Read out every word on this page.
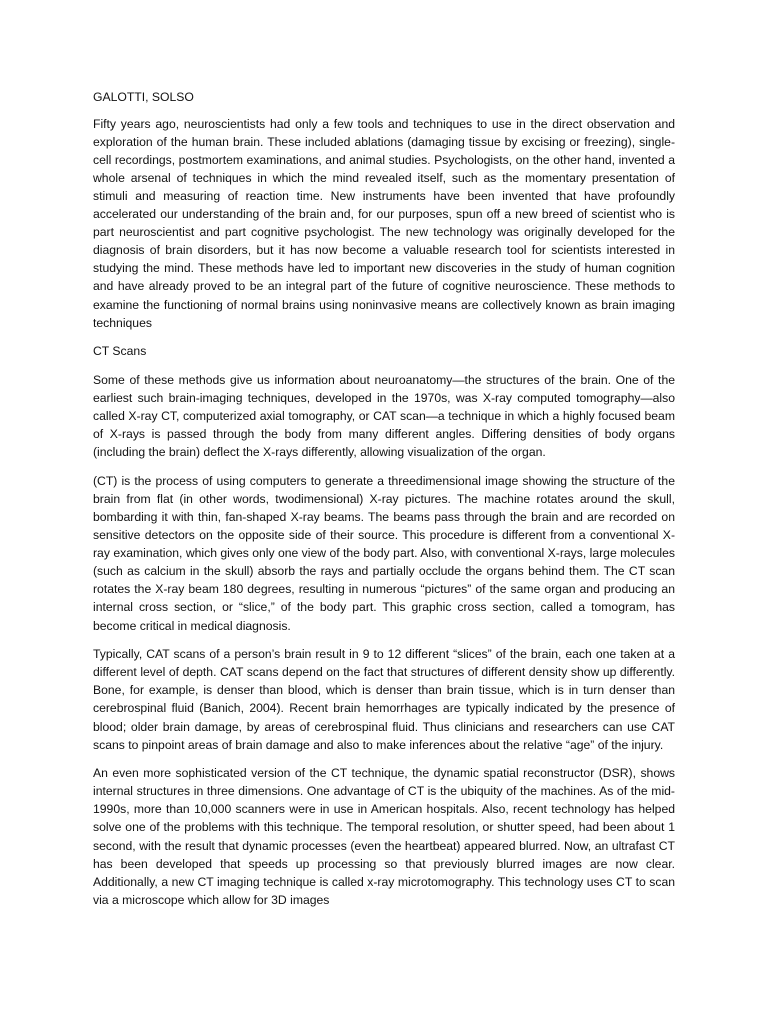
GALOTTI, SOLSO

Fifty years ago, neuroscientists had only a few tools and techniques to use in the direct observation and exploration of the human brain. These included ablations (damaging tissue by excising or freezing), single-cell recordings, postmortem examinations, and animal studies. Psychologists, on the other hand, invented a whole arsenal of techniques in which the mind revealed itself, such as the momentary presentation of stimuli and measuring of reaction time. New instruments have been invented that have profoundly accelerated our understanding of the brain and, for our purposes, spun off a new breed of scientist who is part neuroscientist and part cognitive psychologist. The new technology was originally developed for the diagnosis of brain disorders, but it has now become a valuable research tool for scientists interested in studying the mind. These methods have led to important new discoveries in the study of human cognition and have already proved to be an integral part of the future of cognitive neuroscience. These methods to examine the functioning of normal brains using noninvasive means are collectively known as brain imaging techniques

CT Scans

Some of these methods give us information about neuroanatomy—the structures of the brain. One of the earliest such brain-imaging techniques, developed in the 1970s, was X-ray computed tomography—also called X-ray CT, computerized axial tomography, or CAT scan—a technique in which a highly focused beam of X-rays is passed through the body from many different angles. Differing densities of body organs (including the brain) deflect the X-rays differently, allowing visualization of the organ.

(CT) is the process of using computers to generate a threedimensional image showing the structure of the brain from flat (in other words, twodimensional) X-ray pictures. The machine rotates around the skull, bombarding it with thin, fan-shaped X-ray beams. The beams pass through the brain and are recorded on sensitive detectors on the opposite side of their source. This procedure is different from a conventional X-ray examination, which gives only one view of the body part. Also, with conventional X-rays, large molecules (such as calcium in the skull) absorb the rays and partially occlude the organs behind them. The CT scan rotates the X-ray beam 180 degrees, resulting in numerous “pictures” of the same organ and producing an internal cross section, or “slice,” of the body part. This graphic cross section, called a tomogram, has become critical in medical diagnosis.

Typically, CAT scans of a person’s brain result in 9 to 12 different “slices” of the brain, each one taken at a different level of depth. CAT scans depend on the fact that structures of different density show up differently. Bone, for example, is denser than blood, which is denser than brain tissue, which is in turn denser than cerebrospinal fluid (Banich, 2004). Recent brain hemorrhages are typically indicated by the presence of blood; older brain damage, by areas of cerebrospinal fluid. Thus clinicians and researchers can use CAT scans to pinpoint areas of brain damage and also to make inferences about the relative “age” of the injury.

An even more sophisticated version of the CT technique, the dynamic spatial reconstructor (DSR), shows internal structures in three dimensions. One advantage of CT is the ubiquity of the machines. As of the mid-1990s, more than 10,000 scanners were in use in American hospitals. Also, recent technology has helped solve one of the problems with this technique. The temporal resolution, or shutter speed, had been about 1 second, with the result that dynamic processes (even the heartbeat) appeared blurred. Now, an ultrafast CT has been developed that speeds up processing so that previously blurred images are now clear. Additionally, a new CT imaging technique is called x-ray microtomography. This technology uses CT to scan via a microscope which allow for 3D images
